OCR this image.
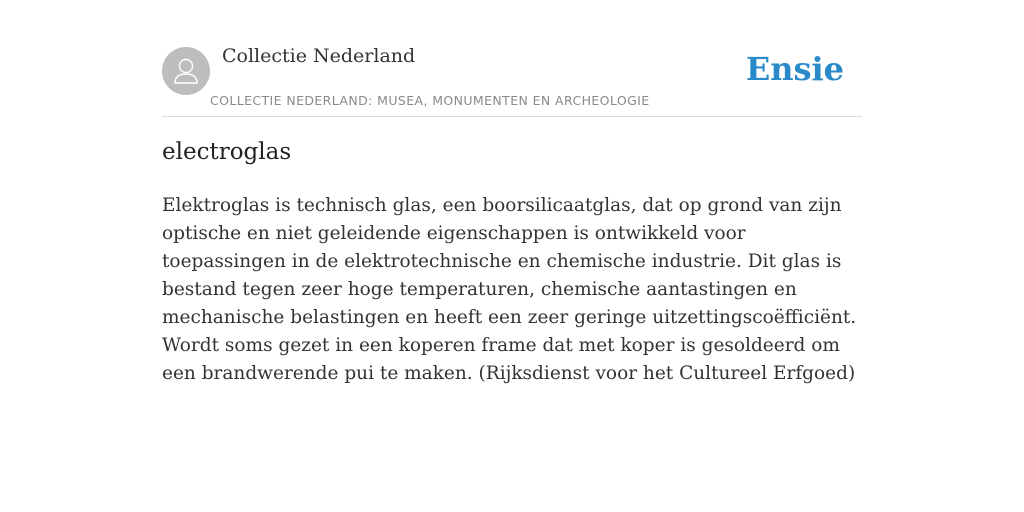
Collectie Nederland
COLLECTIE NEDERLAND: MUSEA, MONUMENTEN EN ARCHEOLOGIE
Ensie
electroglas

Elektroglas is technisch glas, een boorsilicaatglas, dat op grond van zijn optische en niet geleidende eigenschappen is ontwikkeld voor toepassingen in de elektrotechnische en chemische industrie. Dit glas is bestand tegen zeer hoge temperaturen, chemische aantastingen en mechanische belastingen en heeft een zeer geringe uitzettingscoëfficiënt. Wordt soms gezet in een koperen frame dat met koper is gesoldeerd om een brandwerende pui te maken. (Rijksdienst voor het Cultureel Erfgoed)
